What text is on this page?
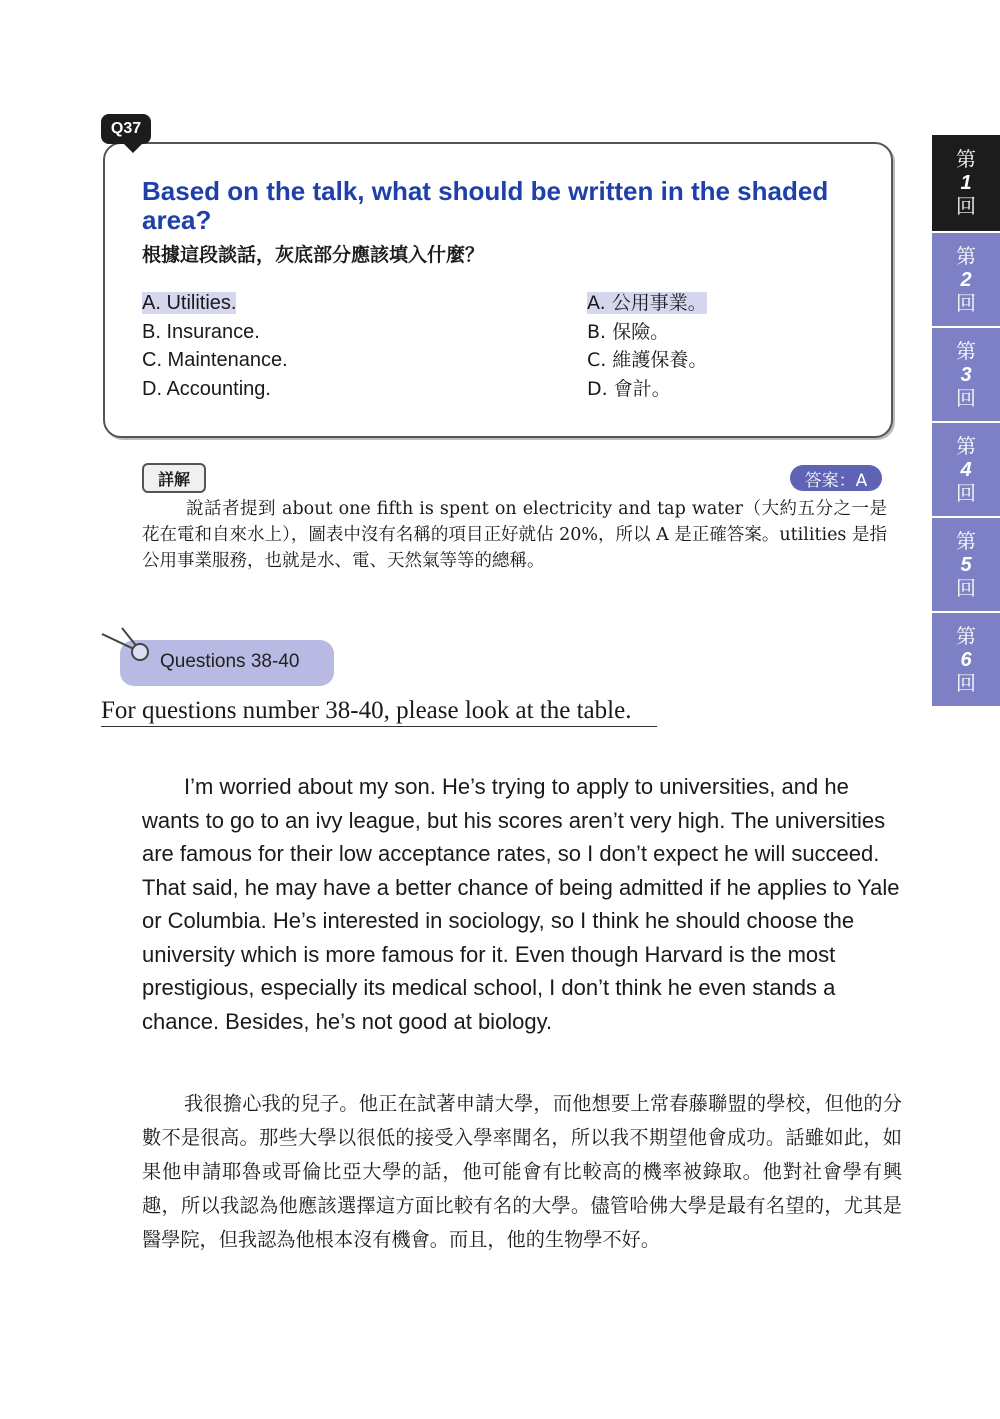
第
1
回
第
2
回
第
3
回
第
4
回
第
5
回
第
6
回
Q37
Based on the talk, what should be written in the shaded area?
根據這段談話，灰底部分應該填入什麼？
A. Utilities.
B. Insurance.
C. Maintenance.
D. Accounting.
A. 公用事業。
B. 保險。
C. 維護保養。
D. 會計。
詳解	答案：A
說話者提到 about one fifth is spent on electricity and tap water（大約五分之一是花在電和自來水上），圖表中沒有名稱的項目正好就佔 20%，所以 A 是正確答案。utilities 是指公用事業服務，也就是水、電、天然氣等等的總稱。
Questions 38-40
For questions number 38-40, please look at the table.
I’m worried about my son. He’s trying to apply to universities, and he wants to go to an ivy league, but his scores aren’t very high. The universities are famous for their low acceptance rates, so I don’t expect he will succeed. That said, he may have a better chance of being admitted if he applies to Yale or Columbia. He’s interested in sociology, so I think he should choose the university which is more famous for it. Even though Harvard is the most prestigious, especially its medical school, I don’t think he even stands a chance. Besides, he’s not good at biology.
我很擔心我的兒子。他正在試著申請大學，而他想要上常春藤聯盟的學校，但他的分數不是很高。那些大學以很低的接受入學率聞名，所以我不期望他會成功。話雖如此，如果他申請耶魯或哥倫比亞大學的話，他可能會有比較高的機率被錄取。他對社會學有興趣，所以我認為他應該選擇這方面比較有名的大學。儘管哈佛大學是最有名望的，尤其是醫學院，但我認為他根本沒有機會。而且，他的生物學不好。
